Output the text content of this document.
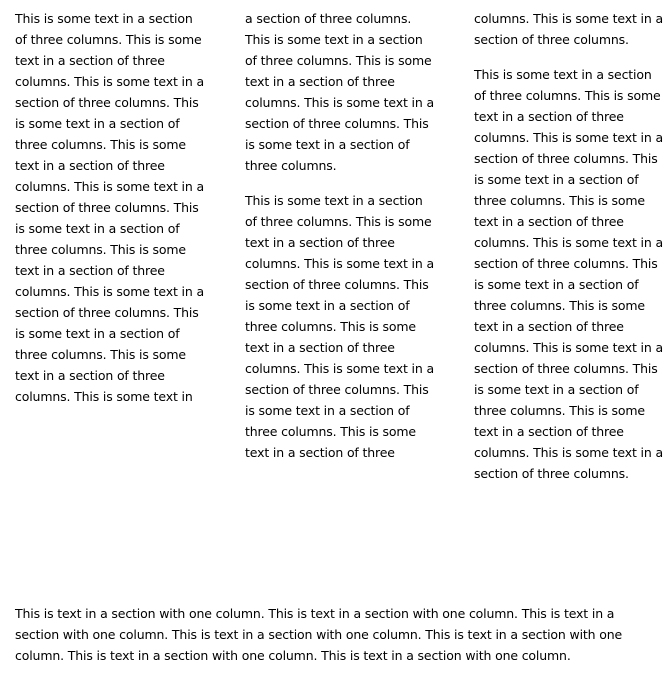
This is some text in a section of three columns. This is some text in a section of three columns. This is some text in a section of three columns. This is some text in a section of three columns. This is some text in a section of three columns. This is some text in a section of three columns. This is some text in a section of three columns. This is some text in a section of three columns. This is some text in a section of three columns. This is some text in a section of three columns. This is some text in a section of three columns. This is some text in

a section of three columns. This is some text in a section of three columns. This is some text in a section of three columns. This is some text in a section of three columns. This is some text in a section of three columns.

This is some text in a section of three columns. This is some text in a section of three columns. This is some text in a section of three columns. This is some text in a section of three columns. This is some text in a section of three columns. This is some text in a section of three columns. This is some text in a section of three columns. This is some text in a section of three

columns. This is some text in a section of three columns.

This is some text in a section of three columns. This is some text in a section of three columns. This is some text in a section of three columns. This is some text in a section of three columns. This is some text in a section of three columns. This is some text in a section of three columns. This is some text in a section of three columns. This is some text in a section of three columns. This is some text in a section of three columns. This is some text in a section of three columns. This is some text in a section of three columns. This is some text in a section of three columns.

This is text in a section with one column. This is text in a section with one column. This is text in a section with one column. This is text in a section with one column. This is text in a section with one column. This is text in a section with one column. This is text in a section with one column.
